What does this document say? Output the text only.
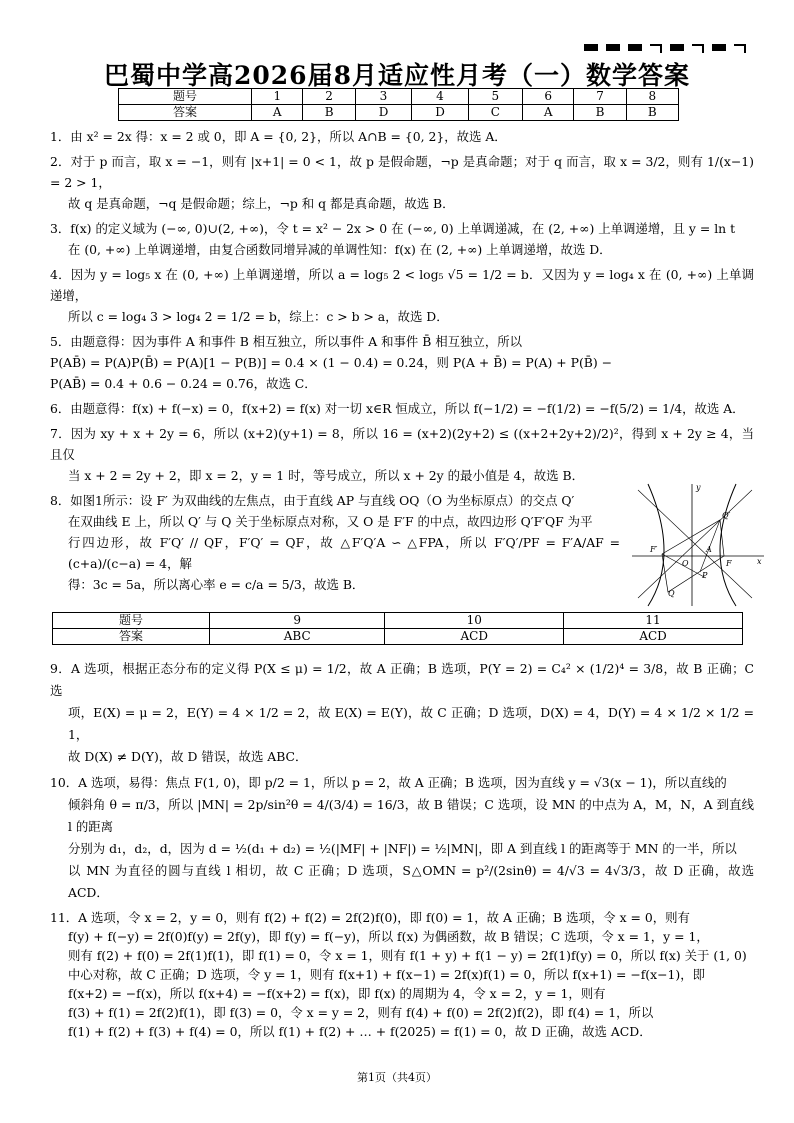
巴蜀中学高2026届8月适应性月考（一）数学答案
题号	1	2	3	4	5	6	7	8
答案	A	B	D	D	C	A	B	B

1．由 x² = 2x 得：x = 2 或 0，即 A = {0, 2}，所以 A∩B = {0, 2}，故选 A．

2．对于 p 而言，取 x = −1，则有 |x+1| = 0 < 1，故 p 是假命题，¬p 是真命题；对于 q 而言，取 x = 3/2，则有 1/(x−1) = 2 > 1，
故 q 是真命题，¬q 是假命题；综上，¬p 和 q 都是真命题，故选 B．

3．f(x) 的定义域为 (−∞, 0)∪(2, +∞)，令 t = x² − 2x > 0 在 (−∞, 0) 上单调递减，在 (2, +∞) 上单调递增，且 y = ln t
在 (0, +∞) 上单调递增，由复合函数同增异减的单调性知：f(x) 在 (2, +∞) 上单调递增，故选 D．

4．因为 y = log₅ x 在 (0, +∞) 上单调递增，所以 a = log₅ 2 < log₅ √5 = 1/2 = b．又因为 y = log₄ x 在 (0, +∞) 上单调递增，
所以 c = log₄ 3 > log₄ 2 = 1/2 = b，综上：c > b > a，故选 D．

5．由题意得：因为事件 A 和事件 B 相互独立，所以事件 A 和事件 B̄ 相互独立，所以
P(AB̄) = P(A)P(B̄) = P(A)[1 − P(B)] = 0.4 × (1 − 0.4) = 0.24，则 P(A + B̄) = P(A) + P(B̄) −
P(AB̄) = 0.4 + 0.6 − 0.24 = 0.76，故选 C．

6．由题意得：f(x) + f(−x) = 0，f(x+2) = f(x) 对一切 x∈R 恒成立，所以 f(−1/2) = −f(1/2) = −f(5/2) = 1/4，故选 A．

7．因为 xy + x + 2y = 6，所以 (x+2)(y+1) = 8，所以 16 = (x+2)(2y+2) ≤ ((x+2+2y+2)/2)²，得到 x + 2y ≥ 4，当且仅
当 x + 2 = 2y + 2，即 x = 2，y = 1 时，等号成立，所以 x + 2y 的最小值是 4，故选 B．

8．如图1所示：设 F′ 为双曲线的左焦点，由于直线 AP 与直线 OQ（O 为坐标原点）的交点 Q′
在双曲线 E 上，所以 Q′ 与 Q 关于坐标原点对称，又 O 是 F′F 的中点，故四边形 Q′F′QF 为平
行四边形，故 F′Q′ // QF，F′Q′ = QF，故 △F′Q′A ∽ △FPA，所以 F′Q′/PF = F′A/AF = (c+a)/(c−a) = 4，解
得：3c = 5a，所以离心率 e = c/a = 5/3，故选 B．

y
x
Q′
F′
O
A
F
P
Q
题号	9	10	11
答案	ABC	ACD	ACD

9．A 选项，根据正态分布的定义得 P(X ≤ μ) = 1/2，故 A 正确；B 选项，P(Y = 2) = C₄² × (1/2)⁴ = 3/8，故 B 正确；C 选
项，E(X) = μ = 2，E(Y) = 4 × 1/2 = 2，故 E(X) = E(Y)，故 C 正确；D 选项，D(X) = 4，D(Y) = 4 × 1/2 × 1/2 = 1，
故 D(X) ≠ D(Y)，故 D 错误，故选 ABC．

10．A 选项，易得：焦点 F(1, 0)，即 p/2 = 1，所以 p = 2，故 A 正确；B 选项，因为直线 y = √3(x − 1)，所以直线的
倾斜角 θ = π/3，所以 |MN| = 2p/sin²θ = 4/(3/4) = 16/3，故 B 错误；C 选项，设 MN 的中点为 A，M，N，A 到直线 l 的距离
分别为 d₁，d₂，d，因为 d = ½(d₁ + d₂) = ½(|MF| + |NF|) = ½|MN|，即 A 到直线 l 的距离等于 MN 的一半，所以
以 MN 为直径的圆与直线 l 相切，故 C 正确；D 选项，S△OMN = p²/(2sinθ) = 4/√3 = 4√3/3，故 D 正确，故选 ACD．

11．A 选项，令 x = 2，y = 0，则有 f(2) + f(2) = 2f(2)f(0)，即 f(0) = 1，故 A 正确；B 选项，令 x = 0，则有
f(y) + f(−y) = 2f(0)f(y) = 2f(y)，即 f(y) = f(−y)，所以 f(x) 为偶函数，故 B 错误；C 选项，令 x = 1，y = 1，
则有 f(2) + f(0) = 2f(1)f(1)，即 f(1) = 0，令 x = 1，则有 f(1 + y) + f(1 − y) = 2f(1)f(y) = 0，所以 f(x) 关于 (1, 0)
中心对称，故 C 正确；D 选项，令 y = 1，则有 f(x+1) + f(x−1) = 2f(x)f(1) = 0，所以 f(x+1) = −f(x−1)，即
f(x+2) = −f(x)，所以 f(x+4) = −f(x+2) = f(x)，即 f(x) 的周期为 4，令 x = 2，y = 1，则有
f(3) + f(1) = 2f(2)f(1)，即 f(3) = 0，令 x = y = 2，则有 f(4) + f(0) = 2f(2)f(2)，即 f(4) = 1，所以
f(1) + f(2) + f(3) + f(4) = 0，所以 f(1) + f(2) + … + f(2025) = f(1) = 0，故 D 正确，故选 ACD．

第1页（共4页）
